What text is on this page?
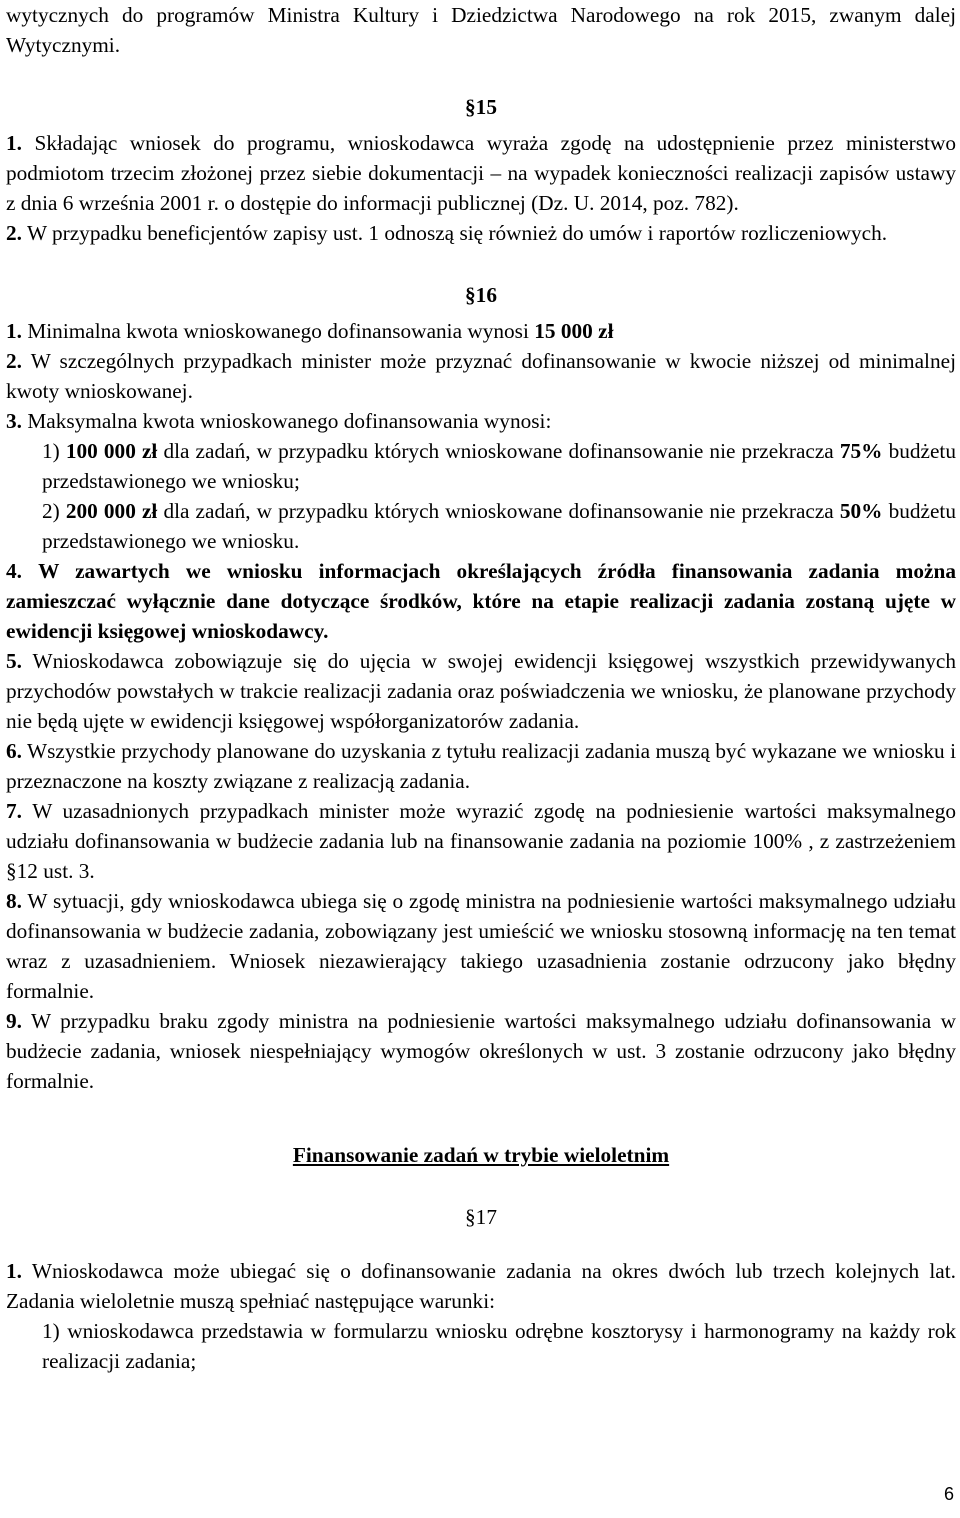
wytycznych do programów Ministra Kultury i Dziedzictwa Narodowego na rok 2015, zwanym dalej Wytycznymi.

§15

1. Składając wniosek do programu, wnioskodawca wyraża zgodę na udostępnienie przez ministerstwo podmiotom trzecim złożonej przez siebie dokumentacji – na wypadek konieczności realizacji zapisów ustawy z dnia 6 września 2001 r. o dostępie do informacji publicznej (Dz. U. 2014, poz. 782).

2. W przypadku beneficjentów zapisy ust. 1 odnoszą się również do umów i raportów rozliczeniowych.

§16

1. Minimalna kwota wnioskowanego dofinansowania wynosi 15 000 zł

2. W szczególnych przypadkach minister może przyznać dofinansowanie w kwocie niższej od minimalnej kwoty wnioskowanej.

3. Maksymalna kwota wnioskowanego dofinansowania wynosi:

1) 100 000 zł dla zadań, w przypadku których wnioskowane dofinansowanie nie przekracza 75% budżetu przedstawionego we wniosku;

2) 200 000 zł dla zadań, w przypadku których wnioskowane dofinansowanie nie przekracza 50% budżetu przedstawionego we wniosku.

4. W zawartych we wniosku informacjach określających źródła finansowania zadania można zamieszczać wyłącznie dane dotyczące środków, które na etapie realizacji zadania zostaną ujęte w ewidencji księgowej wnioskodawcy.

5. Wnioskodawca zobowiązuje się do ujęcia w swojej ewidencji księgowej wszystkich przewidywanych przychodów powstałych w trakcie realizacji zadania oraz poświadczenia we wniosku, że planowane przychody nie będą ujęte w ewidencji księgowej współorganizatorów zadania.

6. Wszystkie przychody planowane do uzyskania z tytułu realizacji zadania muszą być wykazane we wniosku i przeznaczone na koszty związane z realizacją zadania.

7. W uzasadnionych przypadkach minister może wyrazić zgodę na podniesienie wartości maksymalnego udziału dofinansowania w budżecie zadania lub na finansowanie zadania na poziomie 100% , z zastrzeżeniem §12 ust. 3.

8. W sytuacji, gdy wnioskodawca ubiega się o zgodę ministra na podniesienie wartości maksymalnego udziału dofinansowania w budżecie zadania, zobowiązany jest umieścić we wniosku stosowną informację na ten temat wraz z uzasadnieniem. Wniosek niezawierający takiego uzasadnienia zostanie odrzucony jako błędny formalnie.

9. W przypadku braku zgody ministra na podniesienie wartości maksymalnego udziału dofinansowania w budżecie zadania, wniosek niespełniający wymogów określonych w ust. 3 zostanie odrzucony jako błędny formalnie.

Finansowanie zadań w trybie wieloletnim

§17

1. Wnioskodawca może ubiegać się o dofinansowanie zadania na okres dwóch lub trzech kolejnych lat. Zadania wieloletnie muszą spełniać następujące warunki:

1) wnioskodawca przedstawia w formularzu wniosku odrębne kosztorysy i harmonogramy na każdy rok realizacji zadania;

6
